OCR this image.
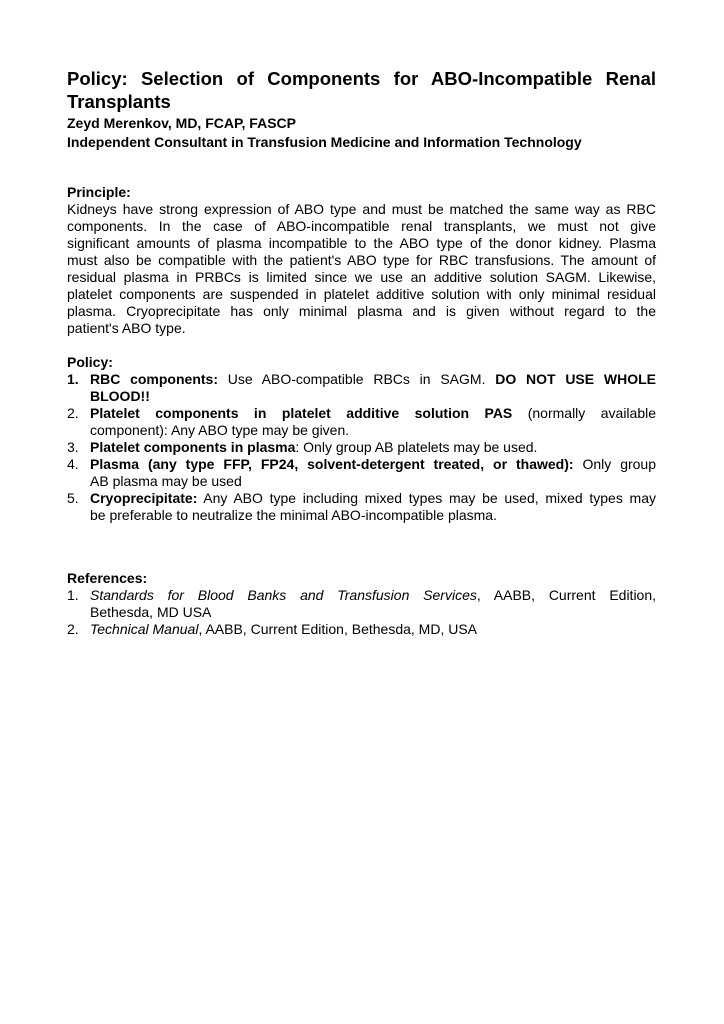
Policy: Selection of Components for ABO-Incompatible Renal
Transplants
Zeyd Merenkov, MD, FCAP, FASCP
Independent Consultant in Transfusion Medicine and Information Technology
Principle:
Kidneys have strong expression of ABO type and must be matched the same way as RBC
components. In the case of ABO-incompatible renal transplants, we must not give
significant amounts of plasma incompatible to the ABO type of the donor kidney. Plasma
must also be compatible with the patient's ABO type for RBC transfusions. The amount of
residual plasma in PRBCs is limited since we use an additive solution SAGM. Likewise,
platelet components are suspended in platelet additive solution with only minimal residual
plasma. Cryoprecipitate has only minimal plasma and is given without regard to the
patient's ABO type.
Policy:
1. RBC components: Use ABO-compatible RBCs in SAGM. DO NOT USE WHOLE
BLOOD!!
2. Platelet components in platelet additive solution PAS (normally available
component): Any ABO type may be given.
3. Platelet components in plasma: Only group AB platelets may be used.
4. Plasma (any type FFP, FP24, solvent-detergent treated, or thawed): Only group
AB plasma may be used
5. Cryoprecipitate: Any ABO type including mixed types may be used, mixed types may
be preferable to neutralize the minimal ABO-incompatible plasma.
References:
1. Standards for Blood Banks and Transfusion Services, AABB, Current Edition,
Bethesda, MD USA
2. Technical Manual, AABB, Current Edition, Bethesda, MD, USA
